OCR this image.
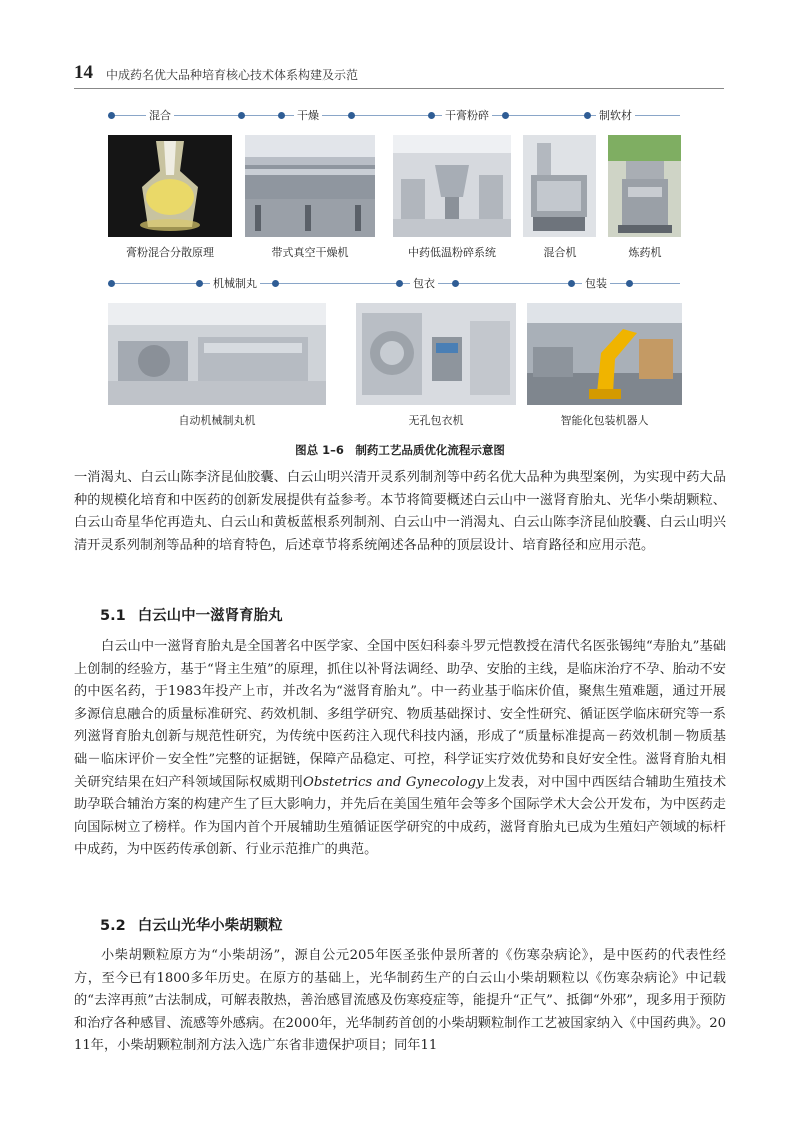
14 中成药名优大品种培育核心技术体系构建及示范
混合	干燥	干膏粉碎	制软材
膏粉混合分散原理	带式真空干燥机	中药低温粉碎系统	混合机	炼药机
机械制丸	包衣	包装
自动机械制丸机	无孔包衣机	智能化包装机器人
图总 1–6　制药工艺品质优化流程示意图

一消渴丸、白云山陈李济昆仙胶囊、白云山明兴清开灵系列制剂等中药名优大品种为典型案例，为实现中药大品种的规模化培育和中医药的创新发展提供有益参考。本节将简要概述白云山中一滋肾育胎丸、光华小柴胡颗粒、白云山奇星华佗再造丸、白云山和黄板蓝根系列制剂、白云山中一消渴丸、白云山陈李济昆仙胶囊、白云山明兴清开灵系列制剂等品种的培育特色，后述章节将系统阐述各品种的顶层设计、培育路径和应用示范。

5.1 白云山中一滋肾育胎丸

白云山中一滋肾育胎丸是全国著名中医学家、全国中医妇科泰斗罗元恺教授在清代名医张锡纯“寿胎丸”基础上创制的经验方，基于“肾主生殖”的原理，抓住以补肾法调经、助孕、安胎的主线，是临床治疗不孕、胎动不安的中医名药，于1983年投产上市，并改名为“滋肾育胎丸”。中一药业基于临床价值，聚焦生殖难题，通过开展多源信息融合的质量标准研究、药效机制、多组学研究、物质基础探讨、安全性研究、循证医学临床研究等一系列滋肾育胎丸创新与规范性研究，为传统中医药注入现代科技内涵，形成了“质量标准提高－药效机制－物质基础－临床评价－安全性”完整的证据链，保障产品稳定、可控，科学证实疗效优势和良好安全性。滋肾育胎丸相关研究结果在妇产科领域国际权威期刊Obstetrics and Gynecology上发表，对中国中西医结合辅助生殖技术助孕联合辅治方案的构建产生了巨大影响力，并先后在美国生殖年会等多个国际学术大会公开发布，为中医药走向国际树立了榜样。作为国内首个开展辅助生殖循证医学研究的中成药，滋肾育胎丸已成为生殖妇产领域的标杆中成药，为中医药传承创新、行业示范推广的典范。

5.2 白云山光华小柴胡颗粒

小柴胡颗粒原方为“小柴胡汤”，源自公元205年医圣张仲景所著的《伤寒杂病论》，是中医药的代表性经方，至今已有1800多年历史。在原方的基础上，光华制药生产的白云山小柴胡颗粒以《伤寒杂病论》中记载的“去滓再煎”古法制成，可解表散热，善治感冒流感及伤寒疫症等，能提升“正气”、抵御“外邪”，现多用于预防和治疗各种感冒、流感等外感病。在2000年，光华制药首创的小柴胡颗粒制作工艺被国家纳入《中国药典》。2011年，小柴胡颗粒制剂方法入选广东省非遗保护项目；同年11
